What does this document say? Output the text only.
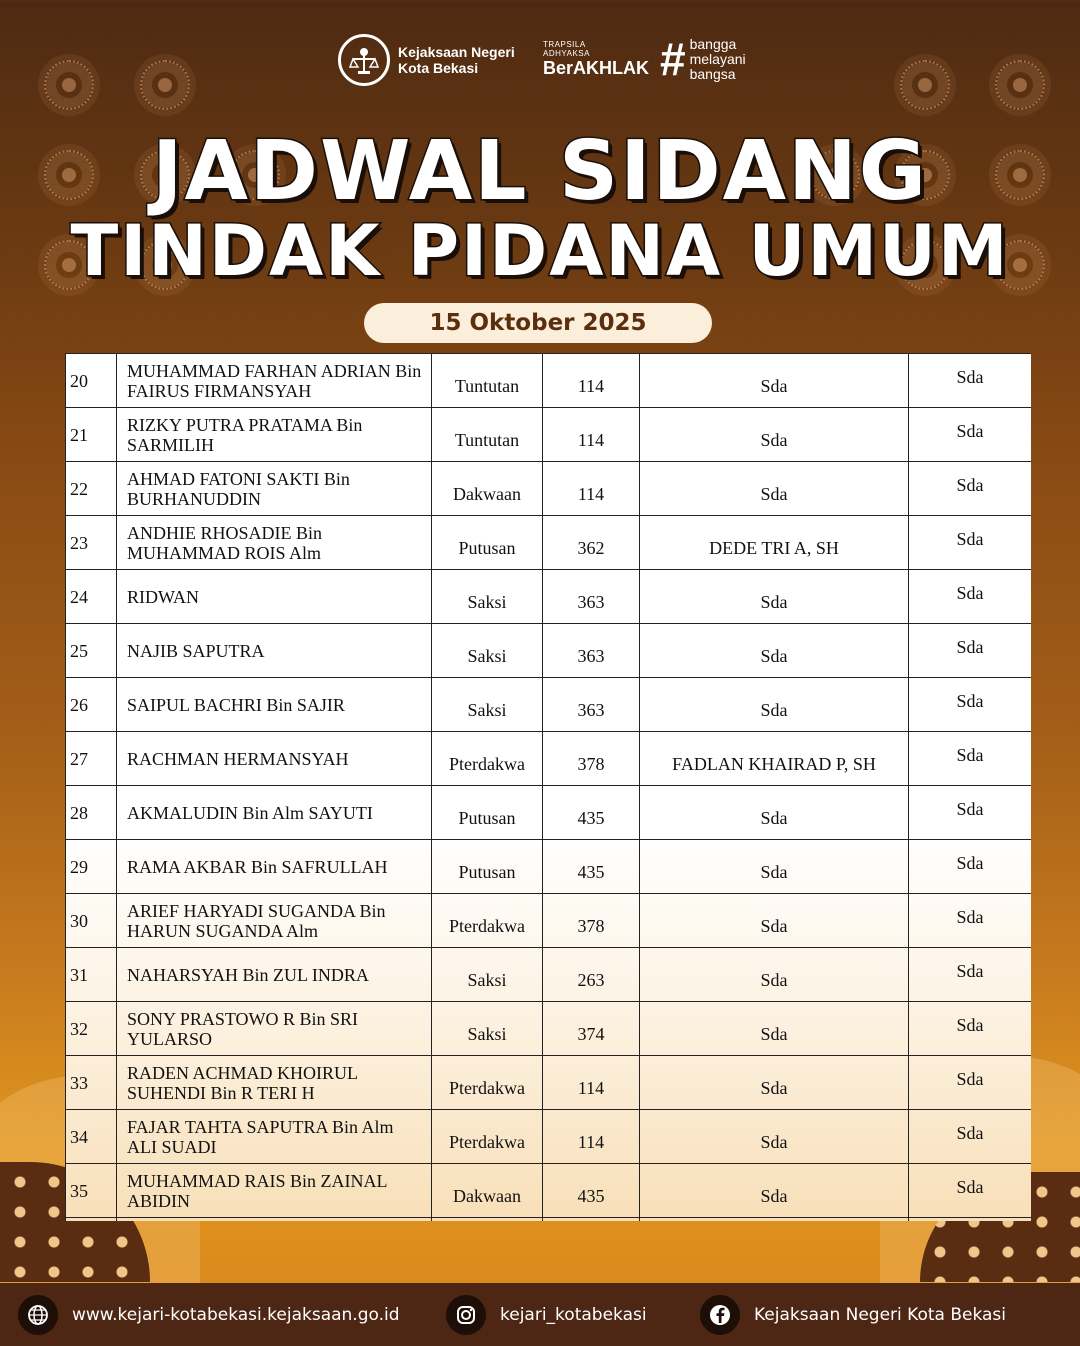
Kejaksaan Negeri
Kota Bekasi
TRAPSILA
ADHYAKSA
BerAKHLAK # bangga
melayani
bangsa
JADWAL SIDANG
TINDAK PIDANA UMUM
15 Oktober 2025
20	MUHAMMAD FARHAN ADRIAN Bin FAIRUS FIRMANSYAH	Tuntutan	114	Sda	Sda
21	RIZKY PUTRA PRATAMA Bin SARMILIH	Tuntutan	114	Sda	Sda
22	AHMAD FATONI SAKTI Bin BURHANUDDIN	Dakwaan	114	Sda	Sda
23	ANDHIE RHOSADIE Bin MUHAMMAD ROIS Alm	Putusan	362	DEDE TRI A, SH	Sda
24	RIDWAN	Saksi	363	Sda	Sda
25	NAJIB SAPUTRA	Saksi	363	Sda	Sda
26	SAIPUL BACHRI Bin SAJIR	Saksi	363	Sda	Sda
27	RACHMAN HERMANSYAH	Pterdakwa	378	FADLAN KHAIRAD P, SH	Sda
28	AKMALUDIN Bin Alm SAYUTI	Putusan	435	Sda	Sda
29	RAMA AKBAR Bin SAFRULLAH	Putusan	435	Sda	Sda
30	ARIEF HARYADI SUGANDA Bin HARUN SUGANDA Alm	Pterdakwa	378	Sda	Sda
31	NAHARSYAH Bin ZUL INDRA	Saksi	263	Sda	Sda
32	SONY PRASTOWO R Bin SRI YULARSO	Saksi	374	Sda	Sda
33	RADEN ACHMAD KHOIRUL SUHENDI Bin R TERI H	Pterdakwa	114	Sda	Sda
34	FAJAR TAHTA SAPUTRA Bin Alm ALI SUADI	Pterdakwa	114	Sda	Sda
35	MUHAMMAD RAIS Bin ZAINAL ABIDIN	Dakwaan	435	Sda	Sda

www.kejari-kotabekasi.kejaksaan.go.id	kejari_kotabekasi	Kejaksaan Negeri Kota Bekasi
